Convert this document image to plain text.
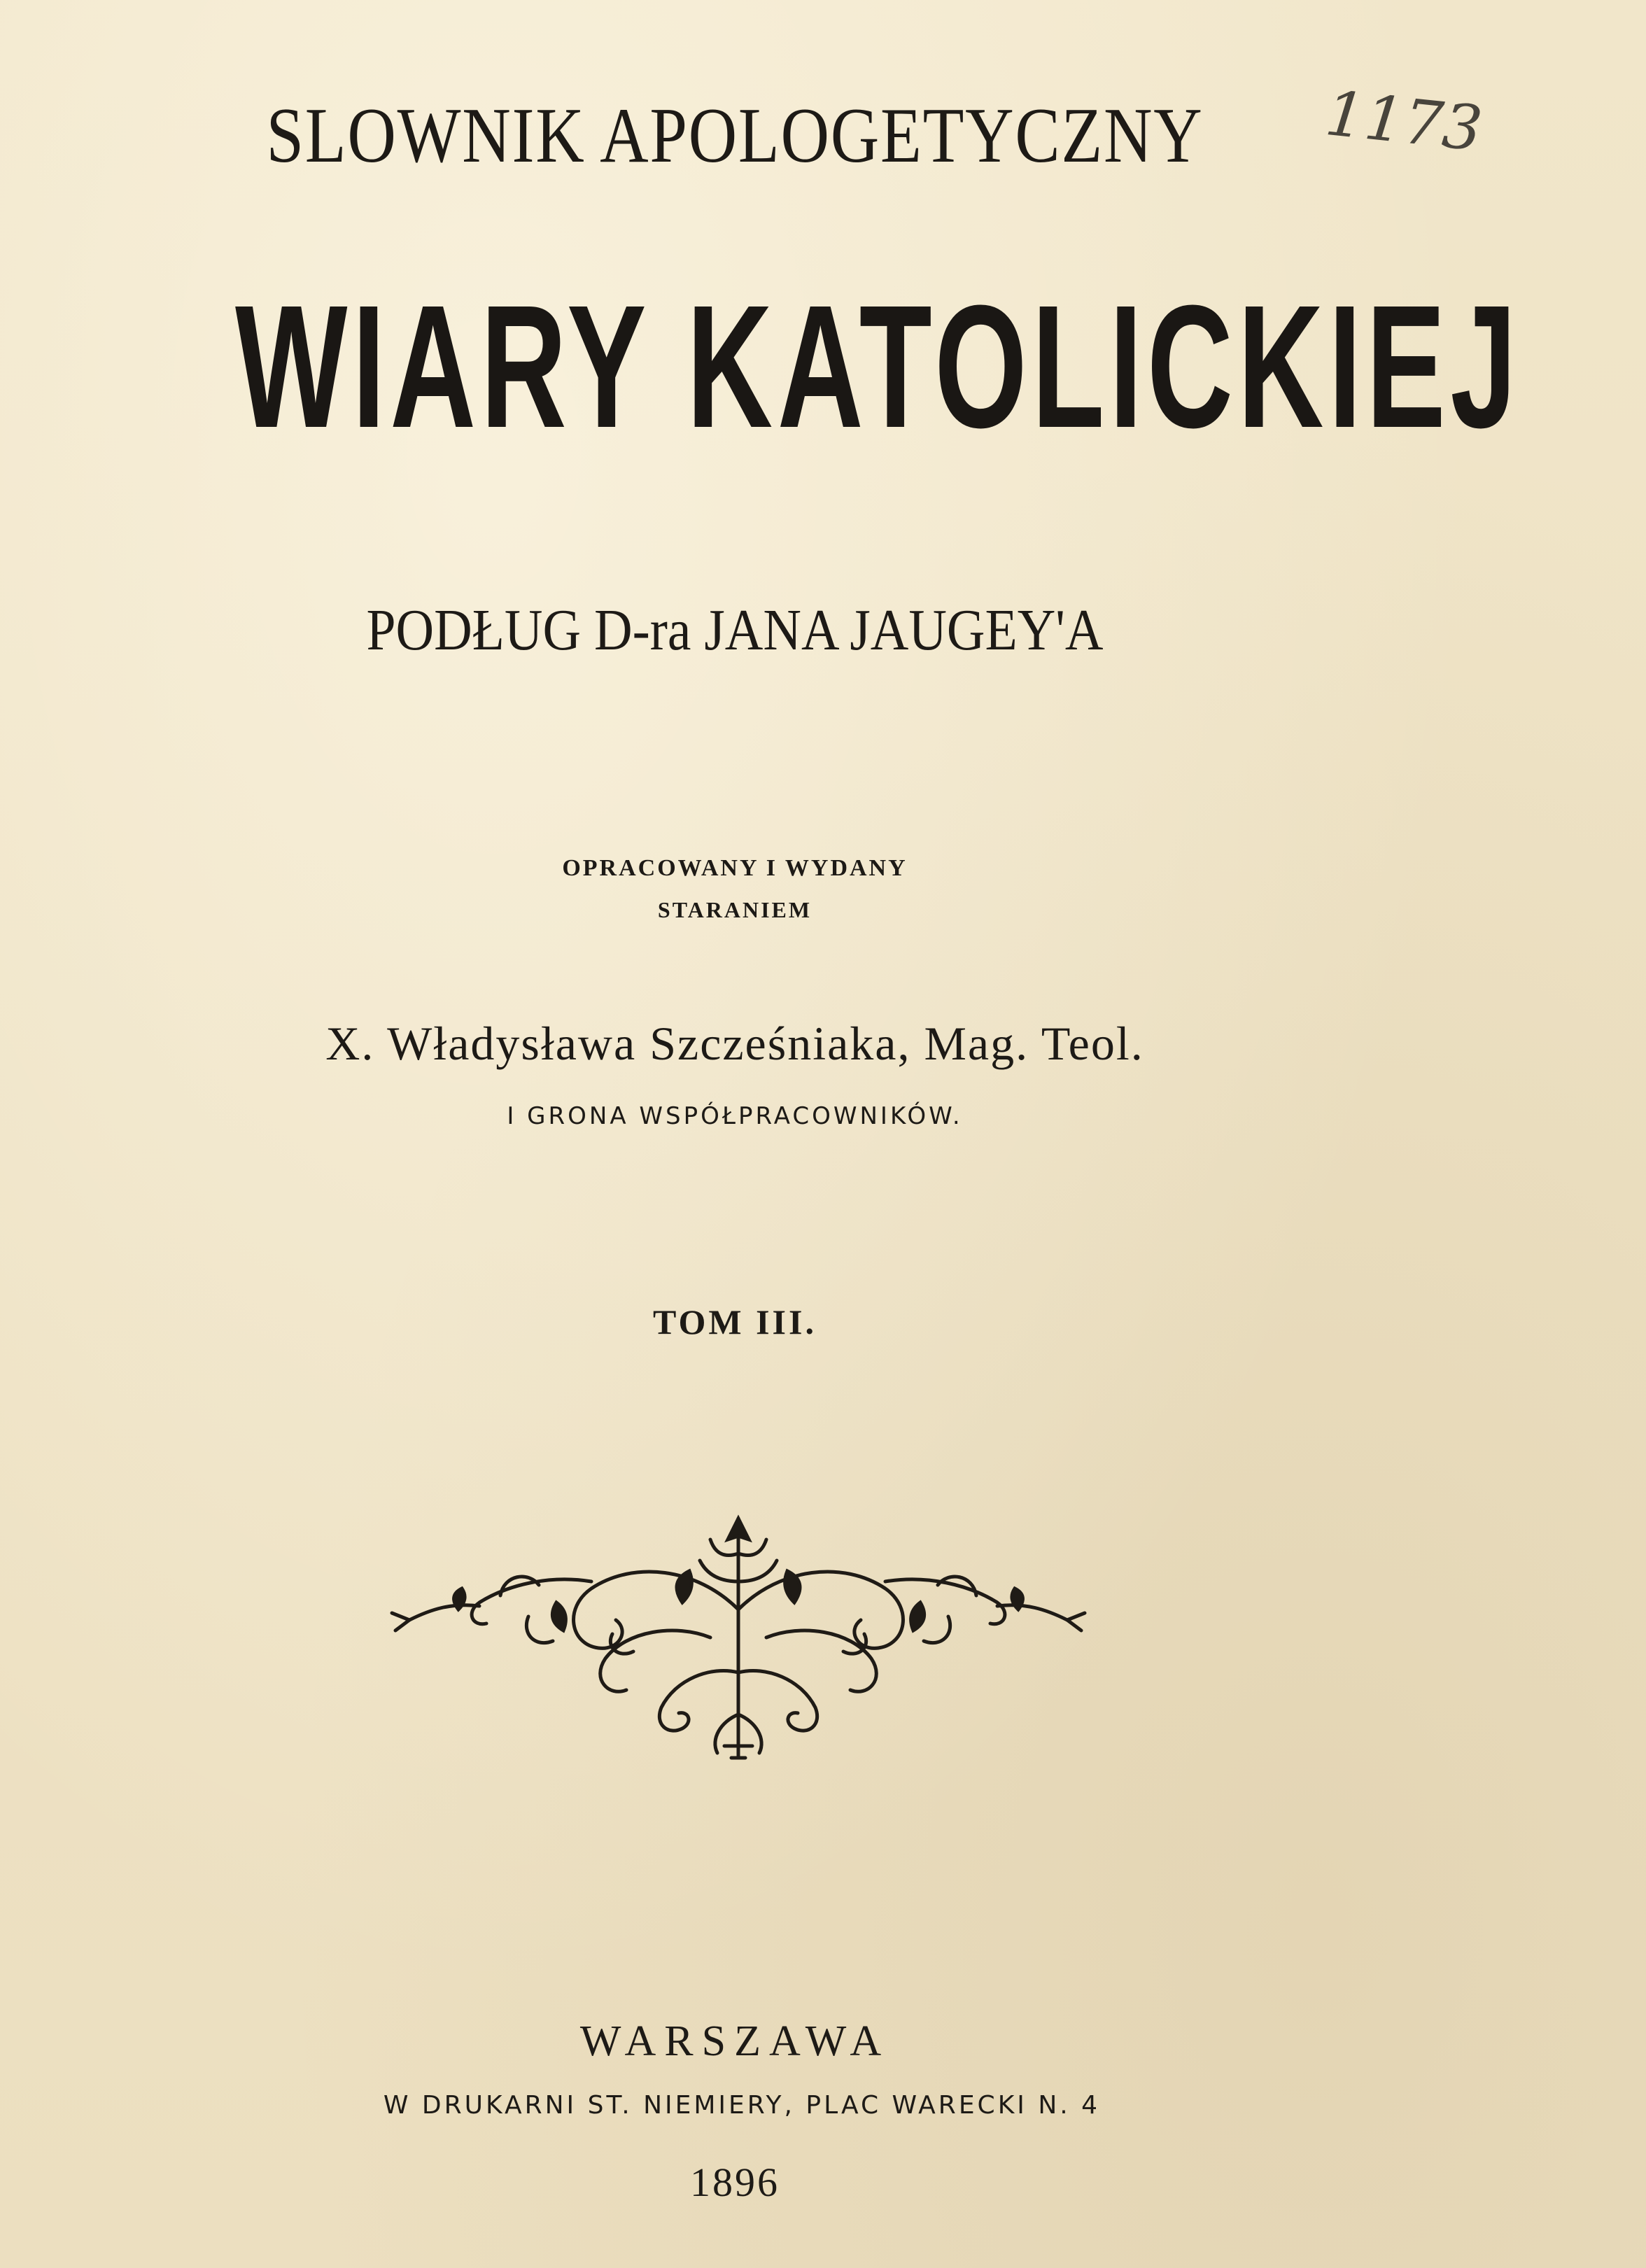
SLOWNIK APOLOGETYCZNY	1173
WIARY KATOLICKIEJ
PODŁUG D-ra JANA JAUGEY'A
OPRACOWANY I WYDANY
STARANIEM
X. Władysława Szcześniaka, Mag. Teol.
I GRONA WSPÓŁPRACOWNIKÓW.
TOM III.
WARSZAWA
W DRUKARNI ST. NIEMIERY, PLAC WARECKI N. 4
1896
